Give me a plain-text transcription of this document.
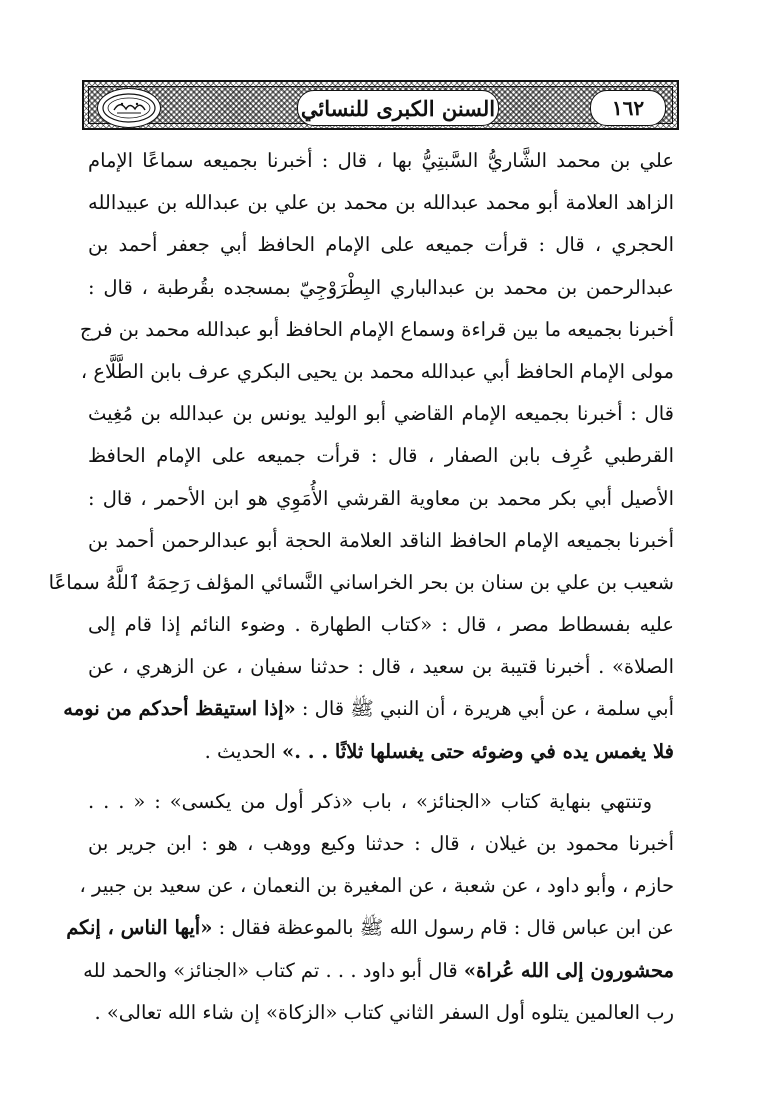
السنن الكبرى للنسائي	١٦٢
علي بن محمد الشَّاريُّ السَّبتِيُّ بها ، قال : أخبرنا بجميعه سماعًا الإمام
الزاهد العلامة أبو محمد عبدالله بن محمد بن علي بن عبدالله بن عبيدالله
الحجري ، قال : قرأت جميعه على الإمام الحافظ أبي جعفر أحمد بن
عبدالرحمن بن محمد بن عبدالباري البِطْرَوْجِيّ بمسجده بقُرطبة ، قال :
أخبرنا بجميعه ما بين قراءة وسماع الإمام الحافظ أبو عبدالله محمد بن فرج
مولى الإمام الحافظ أبي عبدالله محمد بن يحيى البكري عرف بابن الطَّلَّاع ،
قال : أخبرنا بجميعه الإمام القاضي أبو الوليد يونس بن عبدالله بن مُغِيث
القرطبي عُرِف بابن الصفار ، قال : قرأت جميعه على الإمام الحافظ
الأصيل أبي بكر محمد بن معاوية القرشي الأُمَوِي هو ابن الأحمر ، قال :
أخبرنا بجميعه الإمام الحافظ الناقد العلامة الحجة أبو عبدالرحمن أحمد بن
شعيب بن علي بن سنان بن بحر الخراساني النَّسائي المؤلف رَحِمَهُ ٱللَّهُ سماعًا
عليه بفسطاط مصر ، قال : «كتاب الطهارة . وضوء النائم إذا قام إلى
الصلاة» . أخبرنا قتيبة بن سعيد ، قال : حدثنا سفيان ، عن الزهري ، عن
أبي سلمة ، عن أبي هريرة ، أن النبي ﷺ قال : «إذا استيقظ أحدكم من نومه
فلا يغمس يده في وضوئه حتى يغسلها ثلاثًا . . .» الحديث .
وتنتهي بنهاية كتاب «الجنائز» ، باب «ذكر أول من يكسى» : « . . .
أخبرنا محمود بن غيلان ، قال : حدثنا وكيع ووهب ، هو : ابن جرير بن
حازم ، وأبو داود ، عن شعبة ، عن المغيرة بن النعمان ، عن سعيد بن جبير ،
عن ابن عباس قال : قام رسول الله ﷺ بالموعظة فقال : «أيها الناس ، إنكم
محشورون إلى الله عُراة» قال أبو داود . . . تم كتاب «الجنائز» والحمد لله
رب العالمين يتلوه أول السفر الثاني كتاب «الزكاة» إن شاء الله تعالى» .
